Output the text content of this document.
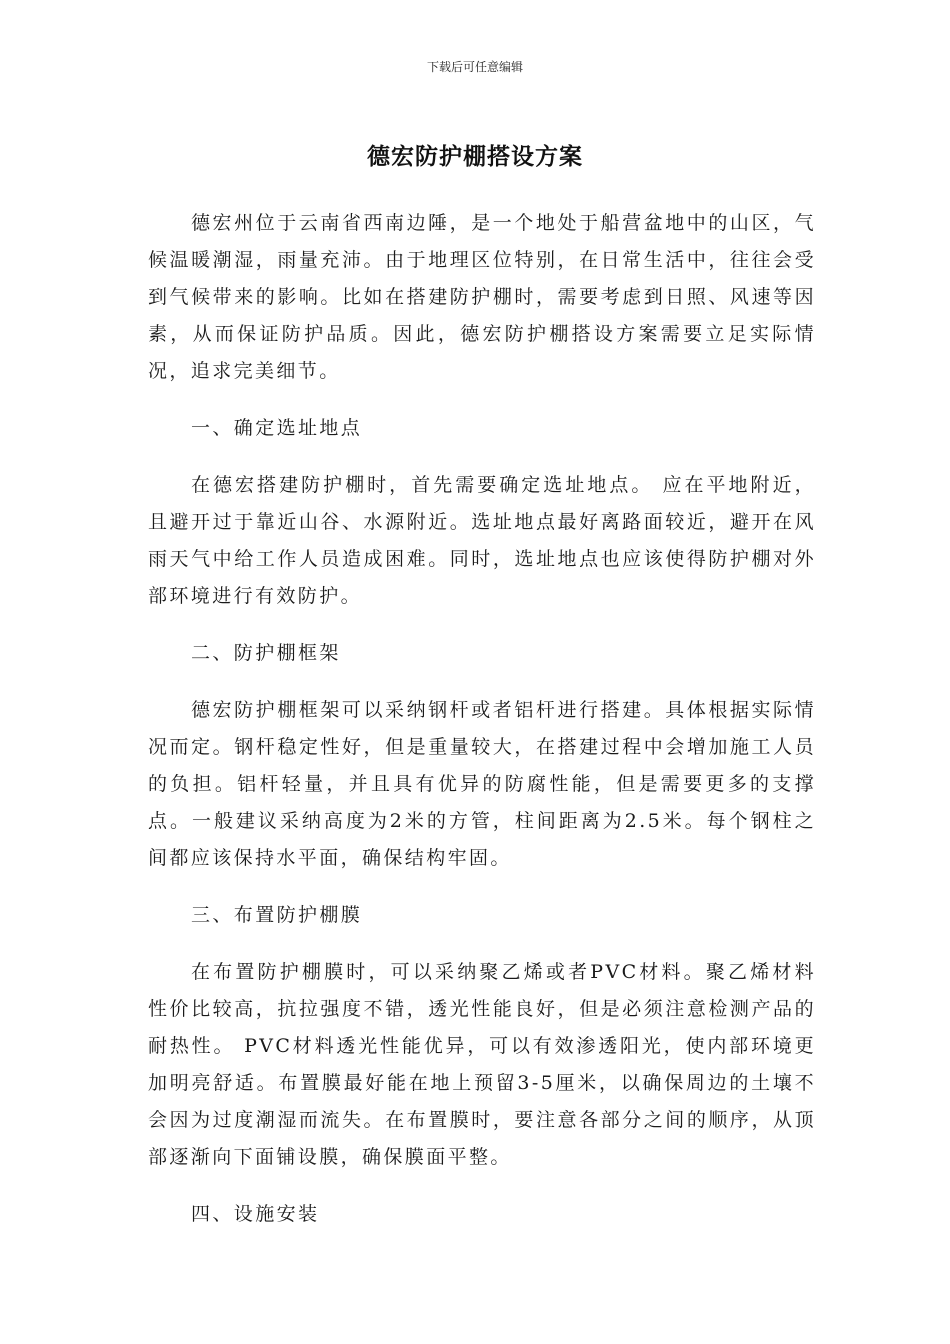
下载后可任意编辑
德宏防护棚搭设方案

德宏州位于云南省西南边陲，是一个地处于船营盆地中的山区，气候温暖潮湿，雨量充沛。由于地理区位特别，在日常生活中，往往会受到气候带来的影响。比如在搭建防护棚时，需要考虑到日照、风速等因素，从而保证防护品质。因此，德宏防护棚搭设方案需要立足实际情况，追求完美细节。

一、确定选址地点

在德宏搭建防护棚时，首先需要确定选址地点。 应在平地附近，且避开过于靠近山谷、水源附近。选址地点最好离路面较近，避开在风雨天气中给工作人员造成困难。同时，选址地点也应该使得防护棚对外部环境进行有效防护。

二、防护棚框架

德宏防护棚框架可以采纳钢杆或者铝杆进行搭建。具体根据实际情况而定。钢杆稳定性好，但是重量较大，在搭建过程中会增加施工人员的负担。铝杆轻量，并且具有优异的防腐性能，但是需要更多的支撑点。一般建议采纳高度为2米的方管，柱间距离为2.5米。每个钢柱之间都应该保持水平面，确保结构牢固。

三、布置防护棚膜

在布置防护棚膜时，可以采纳聚乙烯或者PVC材料。聚乙烯材料性价比较高，抗拉强度不错，透光性能良好，但是必须注意检测产品的耐热性。 PVC材料透光性能优异，可以有效渗透阳光，使内部环境更加明亮舒适。布置膜最好能在地上预留3-5厘米，以确保周边的土壤不会因为过度潮湿而流失。在布置膜时，要注意各部分之间的顺序，从顶部逐渐向下面铺设膜，确保膜面平整。

四、设施安装
